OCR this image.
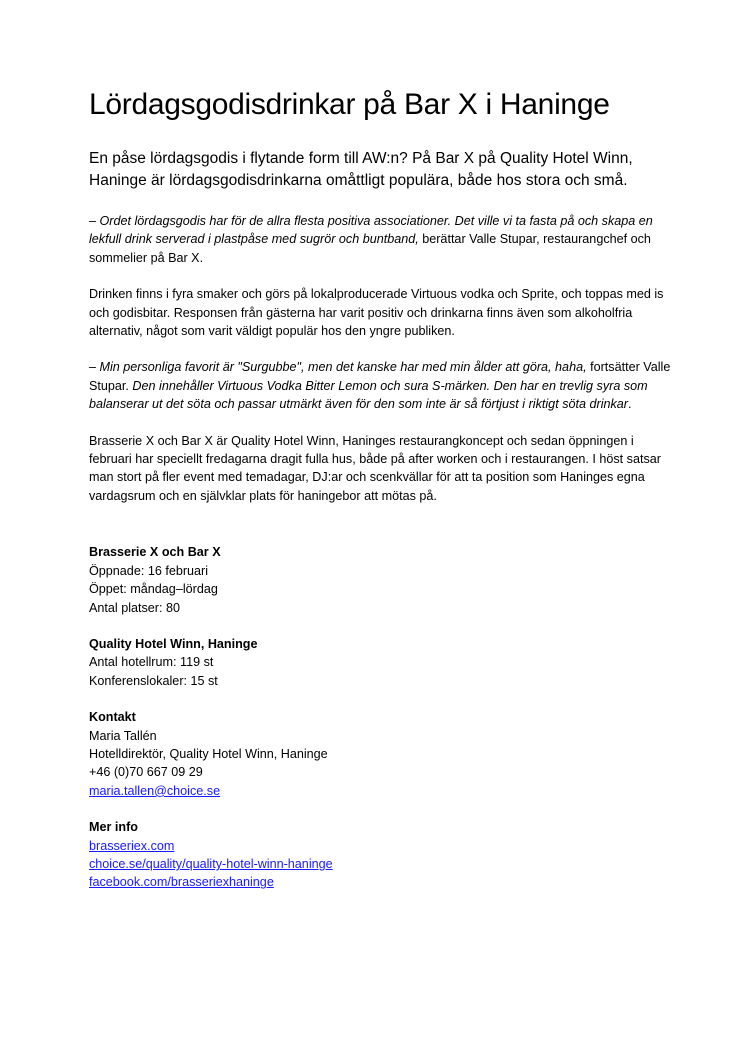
Lördagsgodisdrinkar på Bar X i Haninge
En påse lördagsgodis i flytande form till AW:n? På Bar X på Quality Hotel Winn, Haninge är lördagsgodisdrinkarna omåttligt populära, både hos stora och små.
– Ordet lördagsgodis har för de allra flesta positiva associationer. Det ville vi ta fasta på och skapa en lekfull drink serverad i plastpåse med sugrör och buntband, berättar Valle Stupar, restaurangchef och sommelier på Bar X.
Drinken finns i fyra smaker och görs på lokalproducerade Virtuous vodka och Sprite, och toppas med is och godisbitar. Responsen från gästerna har varit positiv och drinkarna finns även som alkoholfria alternativ, något som varit väldigt populär hos den yngre publiken.
– Min personliga favorit är "Surgubbe", men det kanske har med min ålder att göra, haha, fortsätter Valle Stupar. Den innehåller Virtuous Vodka Bitter Lemon och sura S-märken. Den har en trevlig syra som balanserar ut det söta och passar utmärkt även för den som inte är så förtjust i riktigt söta drinkar.
Brasserie X och Bar X är Quality Hotel Winn, Haninges restaurangkoncept och sedan öppningen i februari har speciellt fredagarna dragit fulla hus, både på after worken och i restaurangen. I höst satsar man stort på fler event med temadagar, DJ:ar och scenkvällar för att ta position som Haninges egna vardagsrum och en självklar plats för haningebor att mötas på.
Brasserie X och Bar X
Öppnade: 16 februari
Öppet: måndag–lördag
Antal platser: 80
Quality Hotel Winn, Haninge
Antal hotellrum: 119 st
Konferenslokaler: 15 st
Kontakt
Maria Tallén
Hotelldirektör, Quality Hotel Winn, Haninge
+46 (0)70 667 09 29
maria.tallen@choice.se
Mer info
brasseriex.com
choice.se/quality/quality-hotel-winn-haninge
facebook.com/brasseriexhaninge
